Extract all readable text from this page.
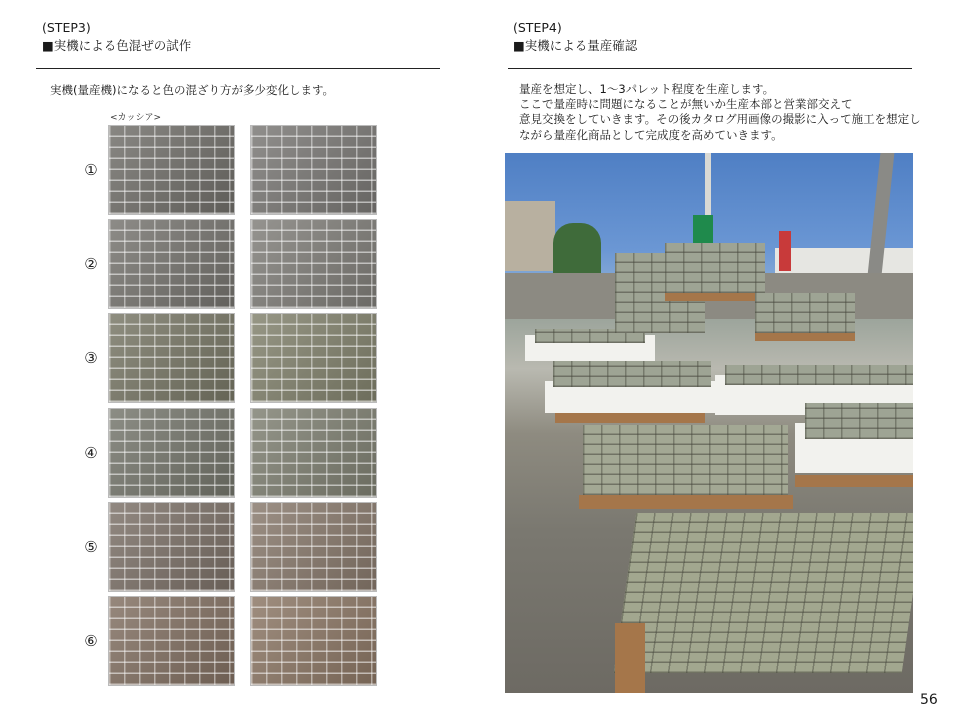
(STEP3)
■実機による色混ぜの試作
実機(量産機)になると色の混ざり方が多少変化します。
<カッシア>
①
②
③
④
⑤
⑥
(STEP4)
■実機による量産確認
量産を想定し、1～3パレット程度を生産します。
ここで量産時に問題になることが無いか生産本部と営業部交えて
意見交換をしていきます。その後カタログ用画像の撮影に入って施工を想定し
ながら量産化商品として完成度を高めていきます。
56
